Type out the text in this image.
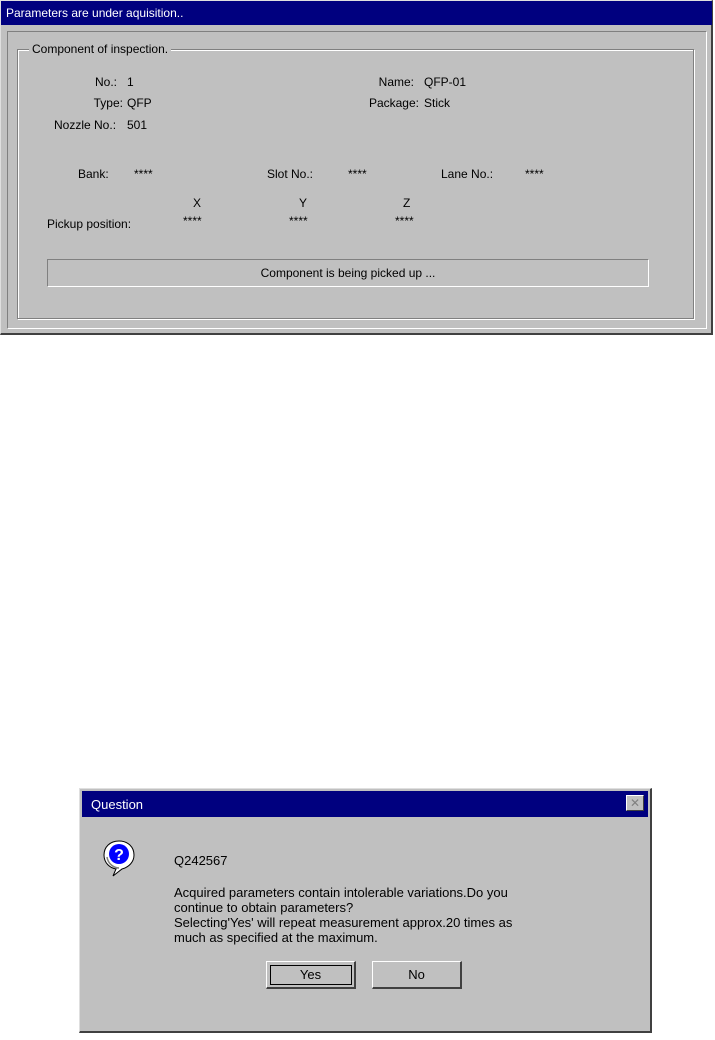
Parameters are under aquisition..
Component of inspection.
No.: 1
Type: QFP
Nozzle No.: 501
Name: QFP-01
Package: Stick
Bank: ****	Slot No.:	****	Lane No.:	****
X	Y	Z
Pickup position:	****	****	****
Component is being picked up ...
Question	✕
?	Q242567
Acquired parameters contain intolerable variations.Do you
continue to obtain parameters?
Selecting'Yes' will repeat measurement approx.20 times as
much as specified at the maximum.
Yes	No
